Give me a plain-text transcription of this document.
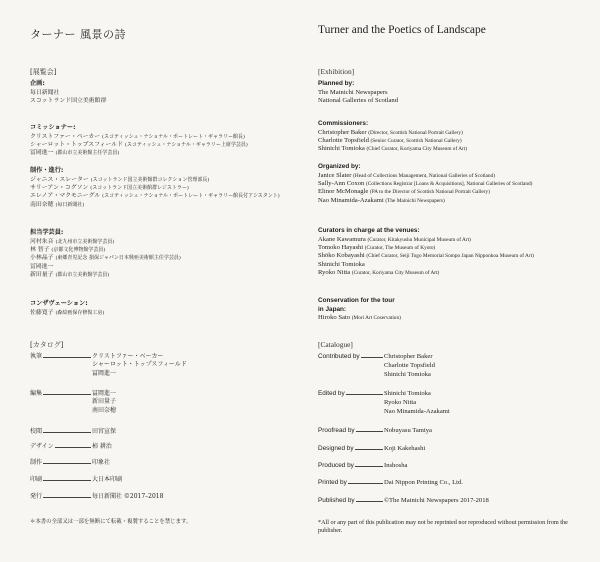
ターナー 風景の詩
[展覧会]
企画:
毎日新聞社
スコットランド国立美術館群
コミッショナー:
クリストファー・ベーカー (スコティッシュ・ナショナル・ポートレート・ギャラリー館長)
シャーロット・トップスフィールド (スコティッシュ・ナショナル・ギャラリー上席学芸員)
冨岡進一 (郡山市立美術館主任学芸員)
制作・進行:
ジャニス・スレーター (スコットランド国立美術館群コレクション管理部長)
サリーアン・コグソン (スコットランド国立美術館群レジストラー)
エレノア・マクモニーグル (スコティッシュ・ナショナル・ポートレート・ギャラリー館長付アシスタント)
南田奈穂 (毎日新聞社)
担当学芸員:
河村朱音 (北九州市立美術館学芸員)
林 智子 (京都文化博物館学芸員)
小林晶子 (東郷青児記念 損保ジャパン日本興亜美術館主任学芸員)
冨岡進一
新田量子 (郡山市立美術館学芸員)
コンザヴェーション:
佐藤寛子 (森絵画保存修復工房)
[カタログ]
執筆	クリストファー・ベーカー
シャーロット・トップスフィールド
冨岡進一
編集	冨岡進一
新田量子
南田奈穂
校閲	田宮宣保
デザイン	柿 耕治
制作	印象社
印刷	大日本印刷
発行	毎日新聞社 ©2017–2018
＊本書の全部又は一部を無断にて転載・複製することを禁じます。
Turner and the Poetics of Landscape
[Exhibition]
Planned by:
The Mainichi Newspapers
National Galleries of Scotland
Commissioners:
Christopher Baker (Director, Scottish National Portrait Gallery)
Charlotte Topsfield (Senior Curator, Scottish National Gallery)
Shinichi Tomioka (Chief Curator, Koriyama City Museum of Art)
Organized by:
Janice Slater (Head of Collections Management, National Galleries of Scotland)
Sally-Ann Coxon (Collections Registrar [Loans & Acquisitions], National Galleries of Scotland)
Elinor McMonagle (PA to the Director of Scottish National Portrait Gallery)
Nao Minamida-Azakami (The Mainichi Newspapers)
Curators in charge at the venues:
Akane Kawamura (Curator, Kitakyushu Municipal Museum of Art)
Tomoko Hayashi (Curator, The Museum of Kyoto)
Shōko Kobayashi (Chief Curator, Seiji Togo Memorial Sompo Japan Nipponkoa Museum of Art)
Shinichi Tomioka
Ryoko Nitta (Curator, Koriyama City Museum of Art)
Conservation for the tour in Japan:
Hiroko Sato (Mori Art Coservation)
[Catalogue]
Contributed by	Christopher Baker
Charlotte Topsfield
Shinichi Tomioka
Edited by	Shinichi Tomioka
Ryoko Nitta
Nao Minamida-Azakami
Proofread by	Nobuyasu Tamiya
Designed by	Koji Kakehashi
Produced by	Inshosha
Printed by	Dai Nippon Printing Co., Ltd.
Published by	©The Mainichi Newspapers 2017-2018
*All or any part of this publication may not be reprinted nor reproduced without permission from the publisher.
